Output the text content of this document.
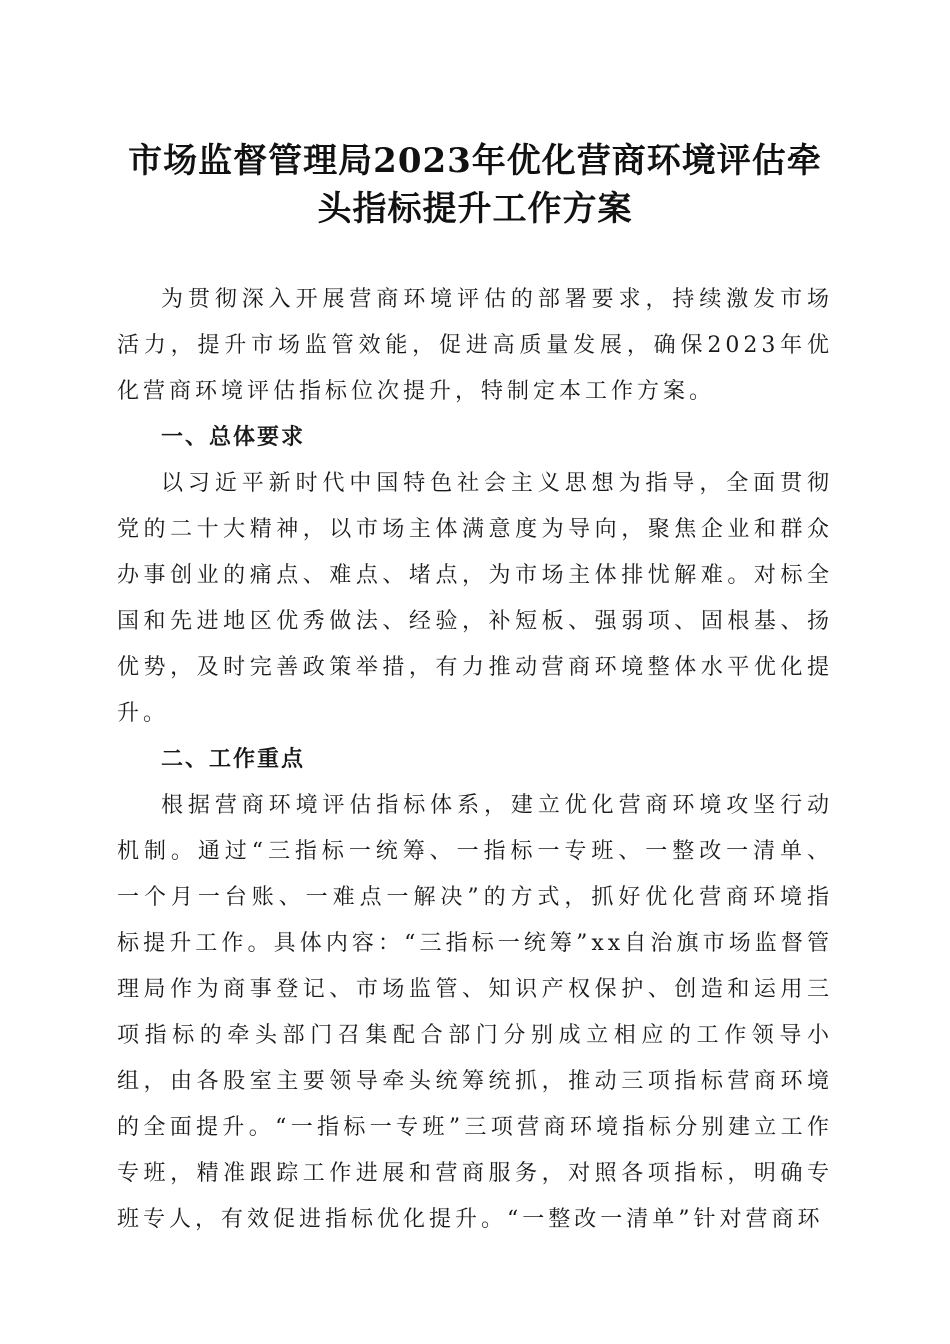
市场监督管理局2023年优化营商环境评估牵
头指标提升工作方案

为贯彻深入开展营商环境评估的部署要求，持续激发市场活力，提升市场监管效能，促进高质量发展，确保2023年优化营商环境评估指标位次提升，特制定本工作方案。

一、总体要求

以习近平新时代中国特色社会主义思想为指导，全面贯彻党的二十大精神，以市场主体满意度为导向，聚焦企业和群众办事创业的痛点、难点、堵点，为市场主体排忧解难。对标全国和先进地区优秀做法、经验，补短板、强弱项、固根基、扬优势，及时完善政策举措，有力推动营商环境整体水平优化提升。

二、工作重点

根据营商环境评估指标体系，建立优化营商环境攻坚行动机制。通过“三指标一统筹、一指标一专班、一整改一清单、一个月一台账、一难点一解决”的方式，抓好优化营商环境指标提升工作。具体内容：“三指标一统筹”xx自治旗市场监督管理局作为商事登记、市场监管、知识产权保护、创造和运用三项指标的牵头部门召集配合部门分别成立相应的工作领导小组，由各股室主要领导牵头统筹统抓，推动三项指标营商环境的全面提升。“一指标一专班”三项营商环境指标分别建立工作专班，精准跟踪工作进展和营商服务，对照各项指标，明确专班专人，有效促进指标优化提升。“一整改一清单”针对营商环
